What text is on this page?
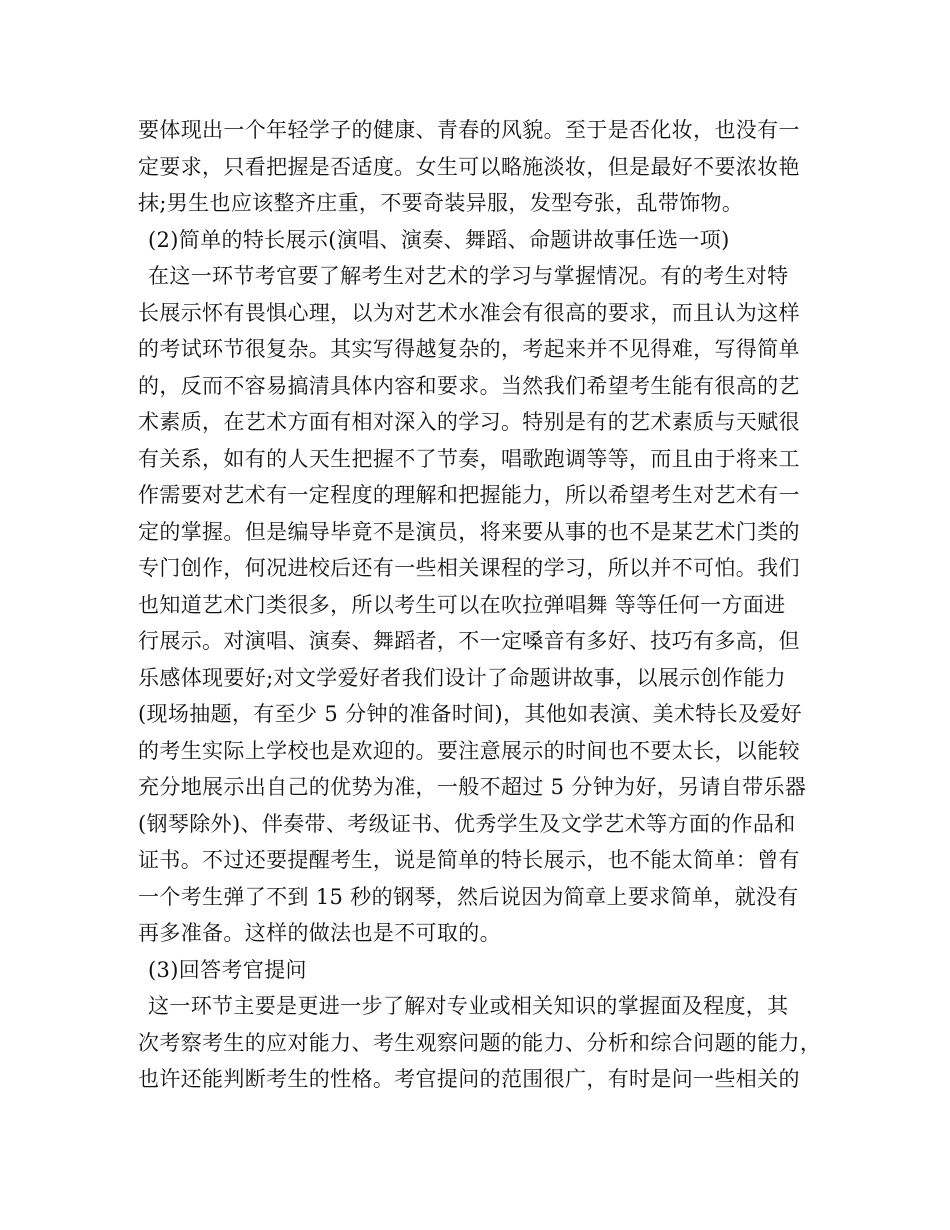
要体现出一个年轻学子的健康、青春的风貌。至于是否化妆，也没有一
定要求，只看把握是否适度。女生可以略施淡妆，但是最好不要浓妆艳
抹;男生也应该整齐庄重，不要奇装异服，发型夸张，乱带饰物。
(2)简单的特长展示(演唱、演奏、舞蹈、命题讲故事任选一项)
在这一环节考官要了解考生对艺术的学习与掌握情况。有的考生对特
长展示怀有畏惧心理，以为对艺术水准会有很高的要求，而且认为这样
的考试环节很复杂。其实写得越复杂的，考起来并不见得难，写得简单
的，反而不容易搞清具体内容和要求。当然我们希望考生能有很高的艺
术素质，在艺术方面有相对深入的学习。特别是有的艺术素质与天赋很
有关系，如有的人天生把握不了节奏，唱歌跑调等等，而且由于将来工
作需要对艺术有一定程度的理解和把握能力，所以希望考生对艺术有一
定的掌握。但是编导毕竟不是演员，将来要从事的也不是某艺术门类的
专门创作，何况进校后还有一些相关课程的学习，所以并不可怕。我们
也知道艺术门类很多，所以考生可以在吹拉弹唱舞 等等任何一方面进
行展示。对演唱、演奏、舞蹈者，不一定嗓音有多好、技巧有多高，但
乐感体现要好;对文学爱好者我们设计了命题讲故事，以展示创作能力
(现场抽题，有至少 5 分钟的准备时间)，其他如表演、美术特长及爱好
的考生实际上学校也是欢迎的。要注意展示的时间也不要太长，以能较
充分地展示出自己的优势为准，一般不超过 5 分钟为好，另请自带乐器
(钢琴除外)、伴奏带、考级证书、优秀学生及文学艺术等方面的作品和
证书。不过还要提醒考生，说是简单的特长展示，也不能太简单：曾有
一个考生弹了不到 15 秒的钢琴，然后说因为简章上要求简单，就没有
再多准备。这样的做法也是不可取的。
(3)回答考官提问
这一环节主要是更进一步了解对专业或相关知识的掌握面及程度，其
次考察考生的应对能力、考生观察问题的能力、分析和综合问题的能力，
也许还能判断考生的性格。考官提问的范围很广，有时是问一些相关的
